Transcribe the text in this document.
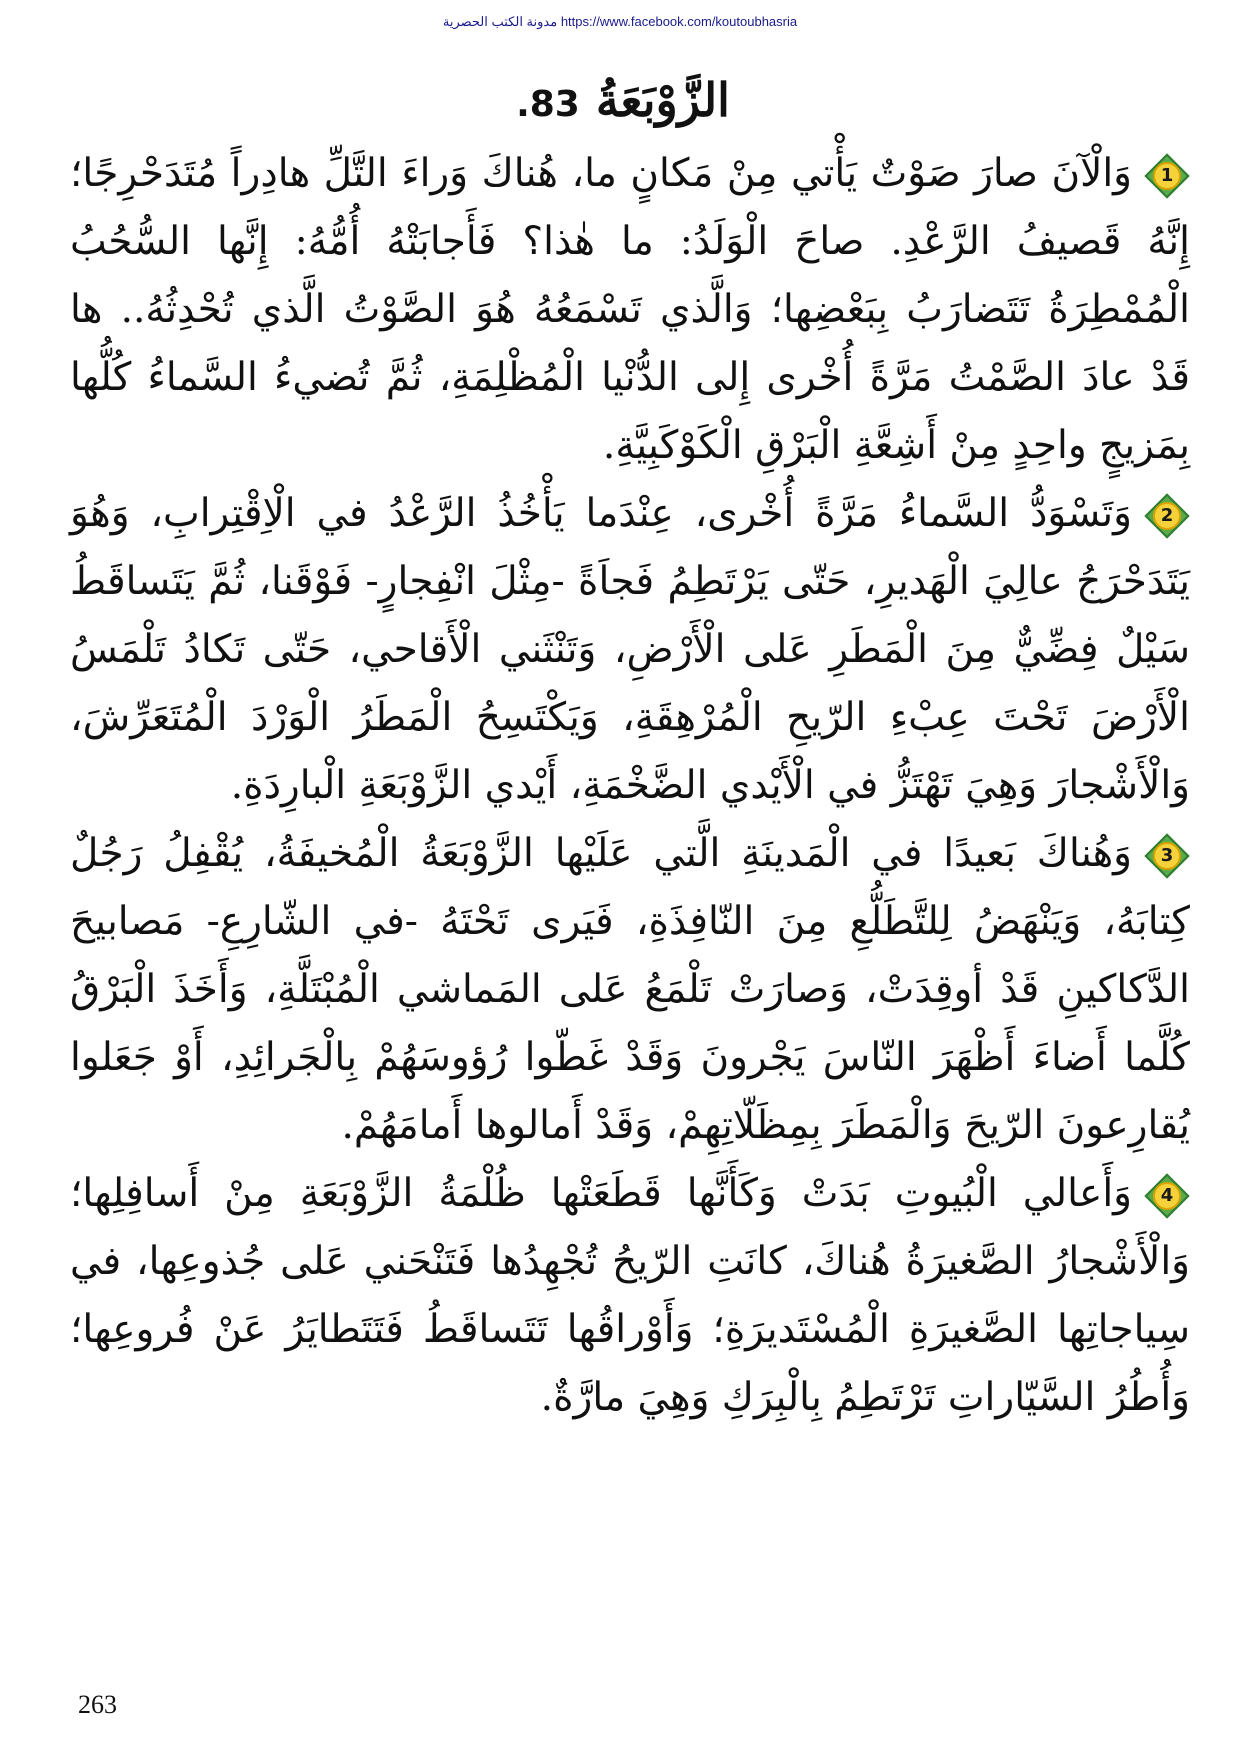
https://www.facebook.com/koutoubhasria مدونة الكتب الحصرية
الزَّوْبَعَةُ 83.

1
وَالْآنَ صارَ صَوْتٌ يَأْتي مِنْ مَكانٍ ما، هُناكَ وَراءَ التَّلِّ هادِراً مُتَدَحْرِجًا؛ إِنَّهُ قَصيفُ الرَّعْدِ. صاحَ الْوَلَدُ: ما هٰذا؟ فَأَجابَتْهُ أُمُّهُ: إِنَّها السُّحُبُ الْمُمْطِرَةُ تَتَضارَبُ بِبَعْضِها؛ وَالَّذي تَسْمَعُهُ هُوَ الصَّوْتُ الَّذي تُحْدِثُهُ.. ها قَدْ عادَ الصَّمْتُ مَرَّةً أُخْرى إِلى الدُّنْيا الْمُظْلِمَةِ، ثُمَّ تُضيءُ السَّماءُ كُلُّها بِمَزيجٍ واحِدٍ مِنْ أَشِعَّةِ الْبَرْقِ الْكَوْكَبِيَّةِ.

2
وَتَسْوَدُّ السَّماءُ مَرَّةً أُخْرى، عِنْدَما يَأْخُذُ الرَّعْدُ في الْاِقْتِرابِ، وَهُوَ يَتَدَحْرَجُ عالِيَ الْهَديرِ، حَتّى يَرْتَطِمُ فَجاَةً -مِثْلَ انْفِجارٍ- فَوْقَنا، ثُمَّ يَتَساقَطُ سَيْلٌ فِضِّيٌّ مِنَ الْمَطَرِ عَلى الْأَرْضِ، وَتَنْثَني الْأَقاحي، حَتّى تَكادُ تَلْمَسُ الْأَرْضَ تَحْتَ عِبْءِ الرّيحِ الْمُرْهِقَةِ، وَيَكْتَسِحُ الْمَطَرُ الْوَرْدَ الْمُتَعَرِّشَ، وَالْأَشْجارَ وَهِيَ تَهْتَزُّ في الْأَيْدي الضَّخْمَةِ، أَيْدي الزَّوْبَعَةِ الْبارِدَةِ.

3
وَهُناكَ بَعيدًا في الْمَدينَةِ الَّتي عَلَيْها الزَّوْبَعَةُ الْمُخيفَةُ، يُقْفِلُ رَجُلٌ كِتابَهُ، وَيَنْهَضُ لِلتَّطَلُّعِ مِنَ النّافِذَةِ، فَيَرى تَحْتَهُ -في الشّارِعِ- مَصابيحَ الدَّكاكينِ قَدْ أوقِدَتْ، وَصارَتْ تَلْمَعُ عَلى المَماشي الْمُبْتَلَّةِ، وَأَخَذَ الْبَرْقُ كُلَّما أَضاءَ أَظْهَرَ النّاسَ يَجْرونَ وَقَدْ غَطّوا رُؤوسَهُمْ بِالْجَرائِدِ، أَوْ جَعَلوا يُقارِعونَ الرّيحَ وَالْمَطَرَ بِمِظَلّاتِهِمْ، وَقَدْ أَمالوها أَمامَهُمْ.

4
وَأَعالي الْبُيوتِ بَدَتْ وَكَأَنَّها قَطَعَتْها ظُلْمَةُ الزَّوْبَعَةِ مِنْ أَسافِلِها؛ وَالْأَشْجارُ الصَّغيرَةُ هُناكَ، كانَتِ الرّيحُ تُجْهِدُها فَتَنْحَني عَلى جُذوعِها، في سِياجاتِها الصَّغيرَةِ الْمُسْتَديرَةِ؛ وَأَوْراقُها تَتَساقَطُ فَتَتَطايَرُ عَنْ فُروعِها؛ وَأُطُرُ السَّيّاراتِ تَرْتَطِمُ بِالْبِرَكِ وَهِيَ مارَّةٌ.

263
